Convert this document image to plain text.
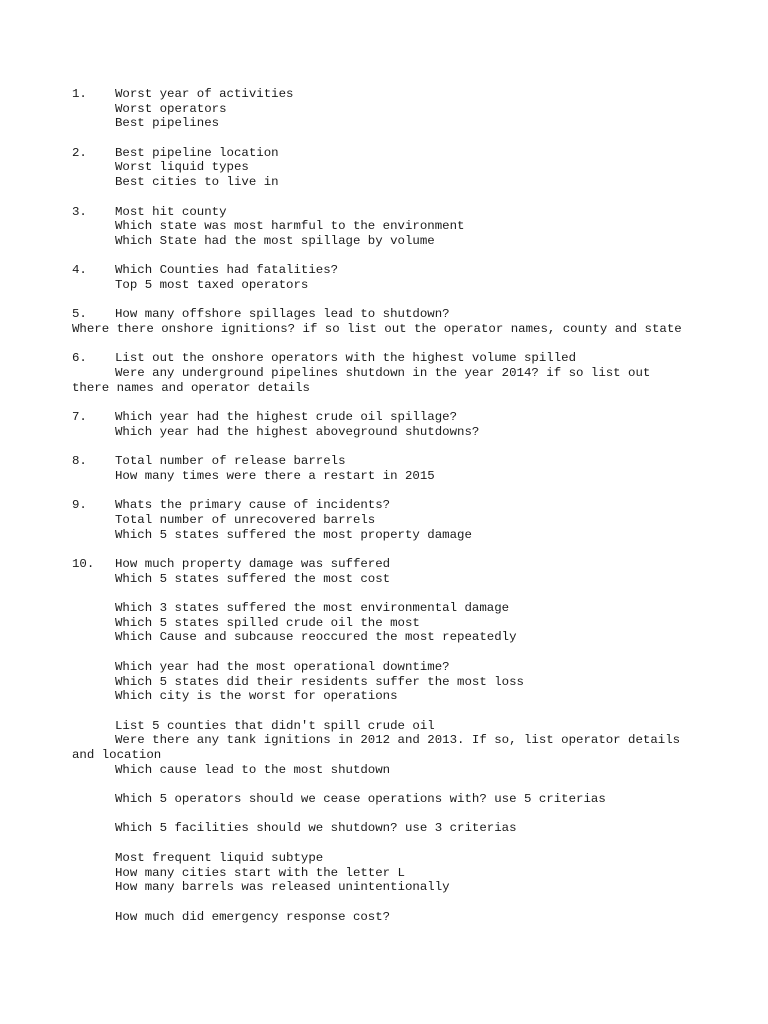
1. Worst year of activities
Worst operators
Best pipelines
2. Best pipeline location
Worst liquid types
Best cities to live in
3. Most hit county
Which state was most harmful to the environment
Which State had the most spillage by volume
4. Which Counties had fatalities?
Top 5 most taxed operators
5. How many offshore spillages lead to shutdown?
Where there onshore ignitions? if so list out the operator names, county and state
6. List out the onshore operators with the highest volume spilled
Were any underground pipelines shutdown in the year 2014? if so list out there names and operator details
7. Which year had the highest crude oil spillage?
Which year had the highest aboveground shutdowns?
8. Total number of release barrels
How many times were there a restart in 2015
9. Whats the primary cause of incidents?
Total number of unrecovered barrels
Which 5 states suffered the most property damage
10. How much property damage was suffered
Which 5 states suffered the most cost
Which 3 states suffered the most environmental damage
Which 5 states spilled crude oil the most
Which Cause and subcause reoccured the most repeatedly
Which year had the most operational downtime?
Which 5 states did their residents suffer the most loss
Which city is the worst for operations
List 5 counties that didn't spill crude oil
Were there any tank ignitions in 2012 and 2013. If so, list operator details and location
Which cause lead to the most shutdown
Which 5 operators should we cease operations with? use 5 criterias
Which 5 facilities should we shutdown? use 3 criterias
Most frequent liquid subtype
How many cities start with the letter L
How many barrels was released unintentionally
How much did emergency response cost?
